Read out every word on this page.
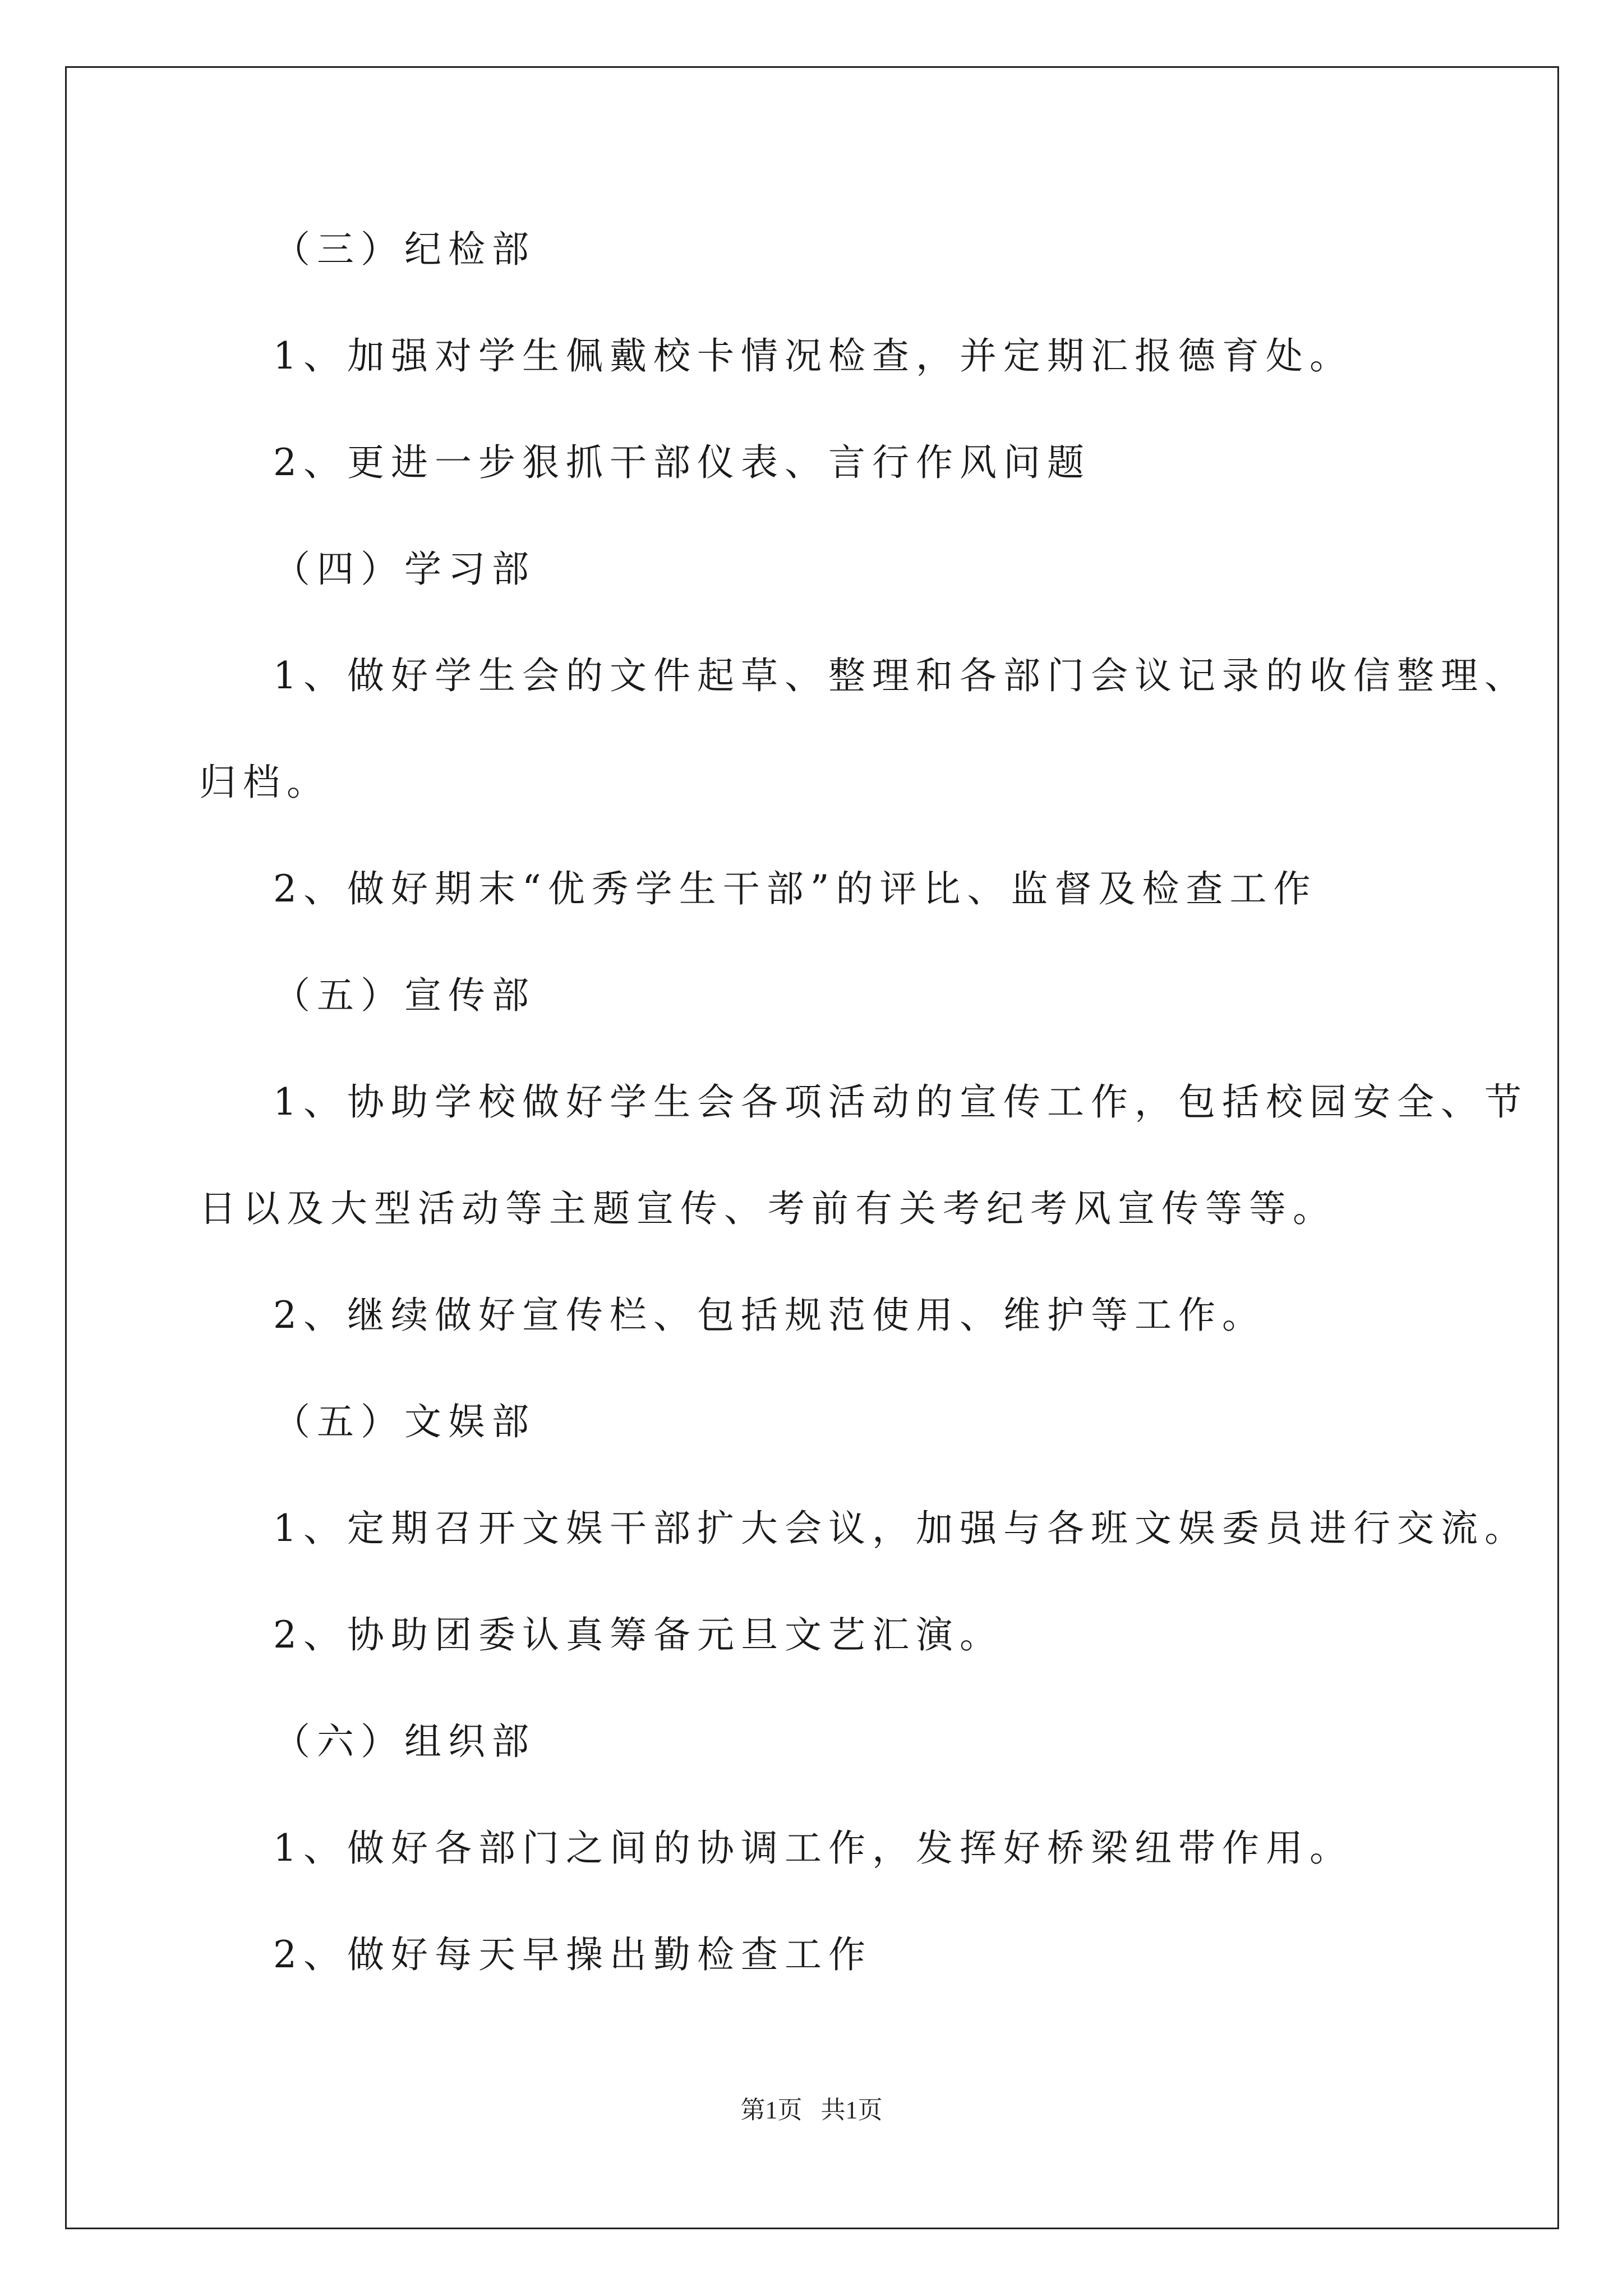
（三）纪检部
1、加强对学生佩戴校卡情况检查，并定期汇报德育处。
2、更进一步狠抓干部仪表、言行作风问题
（四）学习部
1、做好学生会的文件起草、整理和各部门会议记录的收信整理、
归档。
2、做好期末“优秀学生干部”的评比、监督及检查工作
（五）宣传部
1、协助学校做好学生会各项活动的宣传工作，包括校园安全、节
日以及大型活动等主题宣传、考前有关考纪考风宣传等等。
2、继续做好宣传栏、包括规范使用、维护等工作。
（五）文娱部
1、定期召开文娱干部扩大会议，加强与各班文娱委员进行交流。
2、协助团委认真筹备元旦文艺汇演。
（六）组织部
1、做好各部门之间的协调工作，发挥好桥梁纽带作用。
2、做好每天早操出勤检查工作
第1页   共1页
